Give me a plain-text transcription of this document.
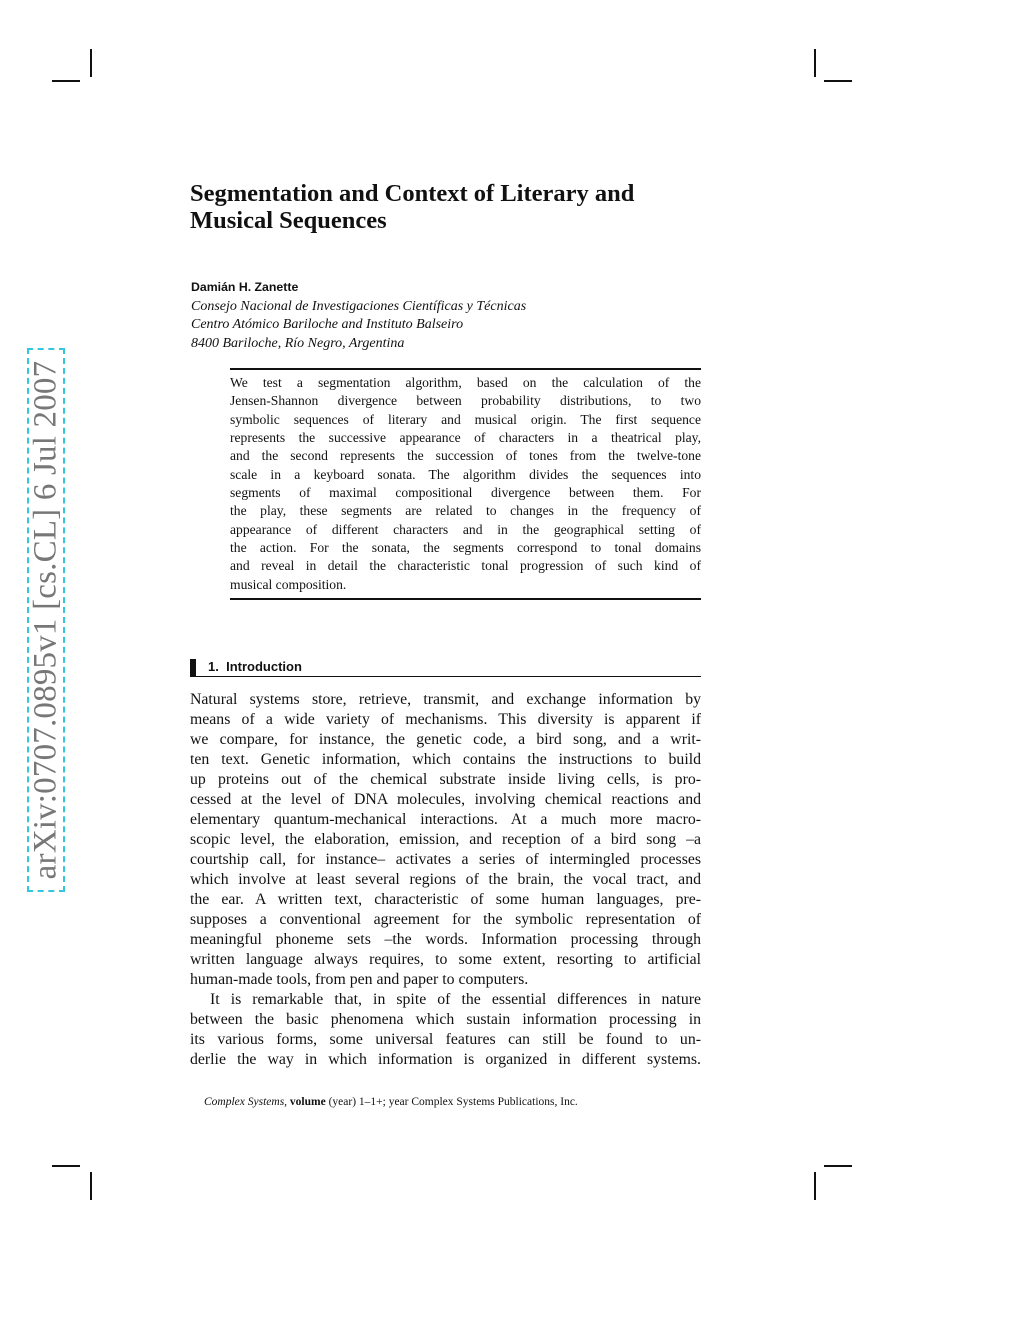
arXiv:0707.0895v1 [cs.CL] 6 Jul 2007
Segmentation and Context of Literary and
Musical Sequences
Damián H. Zanette
Consejo Nacional de Investigaciones Científicas y Técnicas
Centro Atómico Bariloche and Instituto Balseiro
8400 Bariloche, Río Negro, Argentina
We test a segmentation algorithm, based on the calculation of the
Jensen-Shannon divergence between probability distributions, to two
symbolic sequences of literary and musical origin. The first sequence
represents the successive appearance of characters in a theatrical play,
and the second represents the succession of tones from the twelve-tone
scale in a keyboard sonata. The algorithm divides the sequences into
segments of maximal compositional divergence between them. For
the play, these segments are related to changes in the frequency of
appearance of different characters and in the geographical setting of
the action. For the sonata, the segments correspond to tonal domains
and reveal in detail the characteristic tonal progression of such kind of
musical composition.
1. Introduction
Natural systems store, retrieve, transmit, and exchange information by
means of a wide variety of mechanisms. This diversity is apparent if
we compare, for instance, the genetic code, a bird song, and a writ-
ten text. Genetic information, which contains the instructions to build
up proteins out of the chemical substrate inside living cells, is pro-
cessed at the level of DNA molecules, involving chemical reactions and
elementary quantum-mechanical interactions. At a much more macro-
scopic level, the elaboration, emission, and reception of a bird song –a
courtship call, for instance– activates a series of intermingled processes
which involve at least several regions of the brain, the vocal tract, and
the ear. A written text, characteristic of some human languages, pre-
supposes a conventional agreement for the symbolic representation of
meaningful phoneme sets –the words. Information processing through
written language always requires, to some extent, resorting to artificial
human-made tools, from pen and paper to computers.
It is remarkable that, in spite of the essential differences in nature
between the basic phenomena which sustain information processing in
its various forms, some universal features can still be found to un-
derlie the way in which information is organized in different systems.
Complex Systems, volume (year) 1–1+; year Complex Systems Publications, Inc.
